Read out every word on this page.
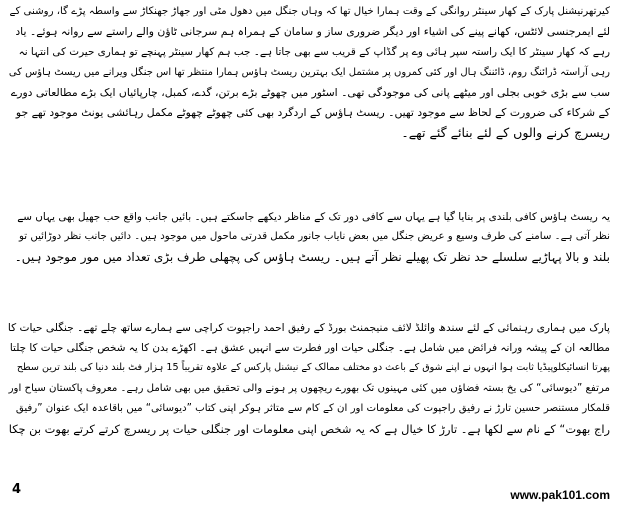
کیرتھرنیشنل پارک کے کھار سینٹر روانگی کے وقت ہمارا خیال تھا کہ وہاں جنگل میں دھول مٹی اور جھاڑ جھنکاڑ سے واسطہ پڑے گا، روشنی کے
لئے ایمرجنسی لائٹس، کھانے پینے کی اشیاء اور دیگر ضروری ساز و سامان کے ہمراہ ہم سرجانی ٹاؤن والے راستے سے روانہ ہوئے۔ یاد
رہے کہ کھار سینٹر کا ایک راستہ سپر ہائی وے پر گڈاپ کے قریب سے بھی جاتا ہے۔ جب ہم کھار سینٹر پہنچے تو ہماری حیرت کی انتہا نہ
رہی آراستہ ڈرائنگ روم، ڈائننگ ہال اور کئی کمروں پر مشتمل ایک بہترین ریسٹ ہاؤس ہمارا منتظر تھا اس جنگل ویرانے میں ریسٹ ہاؤس کی
سب سے بڑی خوبی بجلی اور میٹھے پانی کی موجودگی تھی۔ اسٹور میں چھوٹے بڑے برتن، گدے، کمبل، چارپائیاں ایک بڑے مطالعاتی دورے
کے شرکاء کی ضرورت کے لحاظ سے موجود تھیں۔ ریسٹ ہاؤس کے اردگرد بھی کئی چھوٹے چھوٹے مکمل رہائشی یونٹ موجود تھے جو
ریسرچ کرنے والوں کے لئے بنائے گئے تھے۔
یہ ریسٹ ہاؤس کافی بلندی پر بنایا گیا ہے یہاں سے کافی دور تک کے مناظر دیکھے جاسکتے ہیں۔ بائیں جانب واقع حب جھیل بھی یہاں سے
نظر آتی ہے۔ سامنے کی طرف وسیع و عریض جنگل میں بعض نایاب جانور مکمل قدرتی ماحول میں موجود ہیں۔ دائیں جانب نظر دوڑائیں تو
بلند و بالا پہاڑیے سلسلے حد نظر تک پھیلے نظر آتے ہیں۔ ریسٹ ہاؤس کی پچھلی طرف بڑی تعداد میں مور موجود ہیں۔
پارک میں ہماری رہنمائی کے لئے سندھ وائلڈ لائف منیجمنٹ بورڈ کے رفیق احمد راجپوت کراچی سے ہمارے ساتھ چلے تھے۔ جنگلی حیات کا
مطالعہ ان کے پیشہ ورانہ فرائض میں شامل ہے۔ جنگلی حیات اور فطرت سے انہیں عشق ہے۔ اکھڑے بدن کا یہ شخص جنگلی حیات کا چلتا
پھرتا انسائیکلوپیڈیا ثابت ہوا انہوں نے اپنے شوق کے باعث دو مختلف ممالک کے نیشنل پارکس کے علاوہ تقریباً 15 ہزار فٹ بلند دنیا کی بلند ترین سطح
مرتفع ”دیوسائی“ کی یخ بستہ فضاؤں میں کئی مہینوں تک بھورے ریچھوں پر ہونے والی تحقیق میں بھی شامل رہے۔ معروف پاکستان سیاح اور
قلمکار مستنصر حسین تارڑ نے رفیق راجپوت کی معلومات اور ان کے کام سے متاثر ہوکر اپنی کتاب ”دیوسائی“ میں باقاعدہ ایک عنوان ”رفیق
راج بھوت“ کے نام سے لکھا ہے۔ تارڑ کا خیال ہے کہ یہ شخص اپنی معلومات اور جنگلی حیات پر ریسرچ کرتے کرتے بھوت بن چکا
4	www.pak101.com
